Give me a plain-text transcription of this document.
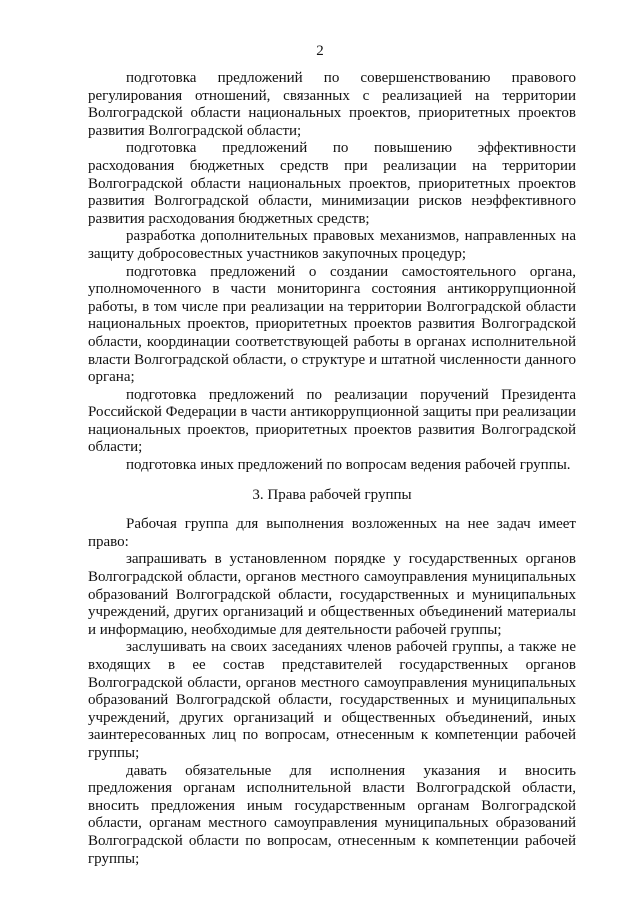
2

подготовка предложений по совершенствованию правового регулирования отношений, связанных с реализацией на территории Волгоградской области национальных проектов, приоритетных проектов развития Волгоградской области;

подготовка предложений по повышению эффективности расходования бюджетных средств при реализации на территории Волгоградской области национальных проектов, приоритетных проектов развития Волгоградской области, минимизации рисков неэффективного развития расходования бюджетных средств;

разработка дополнительных правовых механизмов, направленных на защиту добросовестных участников закупочных процедур;

подготовка предложений о создании самостоятельного органа, уполномоченного в части мониторинга состояния антикоррупционной работы, в том числе при реализации на территории Волгоградской области национальных проектов, приоритетных проектов развития Волгоградской области, координации соответствующей работы в органах исполнительной власти Волгоградской области, о структуре и штатной численности данного органа;

подготовка предложений по реализации поручений Президента Российской Федерации в части антикоррупционной защиты при реализации национальных проектов, приоритетных проектов развития Волгоградской области;

подготовка иных предложений по вопросам ведения рабочей группы.

3. Права рабочей группы

Рабочая группа для выполнения возложенных на нее задач имеет право:

запрашивать в установленном порядке у государственных органов Волгоградской области, органов местного самоуправления муниципальных образований Волгоградской области, государственных и муниципальных учреждений, других организаций и общественных объединений материалы и информацию, необходимые для деятельности рабочей группы;

заслушивать на своих заседаниях членов рабочей группы, а также не входящих в ее состав представителей государственных органов Волгоградской области, органов местного самоуправления муниципальных образований Волгоградской области, государственных и муниципальных учреждений, других организаций и общественных объединений, иных заинтересованных лиц по вопросам, отнесенным к компетенции рабочей группы;

давать обязательные для исполнения указания и вносить предложения органам исполнительной власти Волгоградской области, вносить предложения иным государственным органам Волгоградской области, органам местного самоуправления муниципальных образований Волгоградской области по вопросам, отнесенным к компетенции рабочей группы;
